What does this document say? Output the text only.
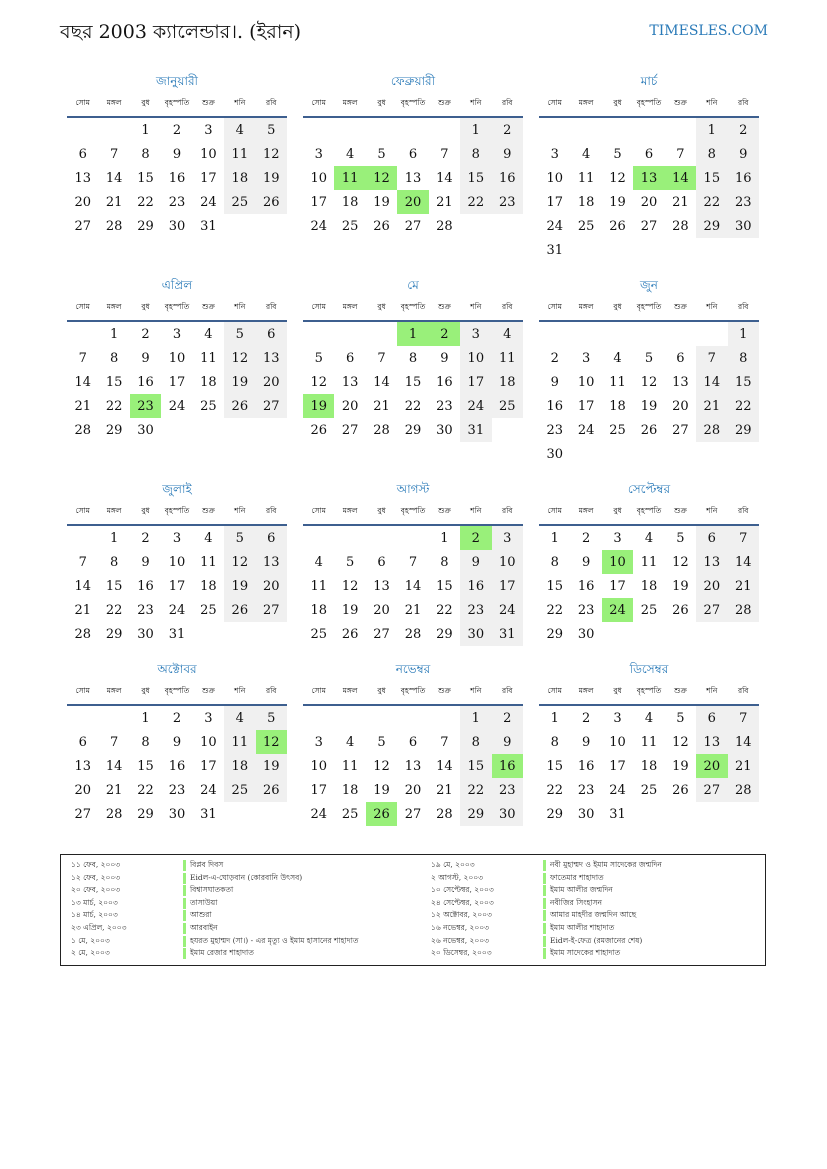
বছর 2003 ক্যালেন্ডার।. (ইরান)	TIMESLES.COM
জানুয়ারী
সোম	মঙ্গল	বুধ	বৃহস্পতি	শুক্র	শনি	রবি
		1	2	3	4	5
6	7	8	9	10	11	12
13	14	15	16	17	18	19
20	21	22	23	24	25	26
27	28	29	30	31		
ফেব্রুয়ারী
সোম	মঙ্গল	বুধ	বৃহস্পতি	শুক্র	শনি	রবি
					1	2
3	4	5	6	7	8	9
10	11	12	13	14	15	16
17	18	19	20	21	22	23
24	25	26	27	28		
মার্চ
সোম	মঙ্গল	বুধ	বৃহস্পতি	শুক্র	শনি	রবি
					1	2
3	4	5	6	7	8	9
10	11	12	13	14	15	16
17	18	19	20	21	22	23
24	25	26	27	28	29	30
31						
এপ্রিল
সোম	মঙ্গল	বুধ	বৃহস্পতি	শুক্র	শনি	রবি
	1	2	3	4	5	6
7	8	9	10	11	12	13
14	15	16	17	18	19	20
21	22	23	24	25	26	27
28	29	30				
মে
সোম	মঙ্গল	বুধ	বৃহস্পতি	শুক্র	শনি	রবি
			1	2	3	4
5	6	7	8	9	10	11
12	13	14	15	16	17	18
19	20	21	22	23	24	25
26	27	28	29	30	31	
জুন
সোম	মঙ্গল	বুধ	বৃহস্পতি	শুক্র	শনি	রবি
						1
2	3	4	5	6	7	8
9	10	11	12	13	14	15
16	17	18	19	20	21	22
23	24	25	26	27	28	29
30						
জুলাই
সোম	মঙ্গল	বুধ	বৃহস্পতি	শুক্র	শনি	রবি
	1	2	3	4	5	6
7	8	9	10	11	12	13
14	15	16	17	18	19	20
21	22	23	24	25	26	27
28	29	30	31			
আগস্ট
সোম	মঙ্গল	বুধ	বৃহস্পতি	শুক্র	শনি	রবি
				1	2	3
4	5	6	7	8	9	10
11	12	13	14	15	16	17
18	19	20	21	22	23	24
25	26	27	28	29	30	31
সেপ্টেম্বর
সোম	মঙ্গল	বুধ	বৃহস্পতি	শুক্র	শনি	রবি
1	2	3	4	5	6	7
8	9	10	11	12	13	14
15	16	17	18	19	20	21
22	23	24	25	26	27	28
29	30					
অক্টোবর
সোম	মঙ্গল	বুধ	বৃহস্পতি	শুক্র	শনি	রবি
		1	2	3	4	5
6	7	8	9	10	11	12
13	14	15	16	17	18	19
20	21	22	23	24	25	26
27	28	29	30	31		
নভেম্বর
সোম	মঙ্গল	বুধ	বৃহস্পতি	শুক্র	শনি	রবি
					1	2
3	4	5	6	7	8	9
10	11	12	13	14	15	16
17	18	19	20	21	22	23
24	25	26	27	28	29	30
ডিসেম্বর
সোম	মঙ্গল	বুধ	বৃহস্পতি	শুক্র	শনি	রবি
1	2	3	4	5	6	7
8	9	10	11	12	13	14
15	16	17	18	19	20	21
22	23	24	25	26	27	28
29	30	31				
১১ ফেব, ২০০৩	বিপ্লব দিবস
১২ ফেব, ২০০৩	Eidল-এ-ঘোড়বান (কোরবানি উৎসব)
২০ ফেব, ২০০৩	বিশ্বাসঘাতকতা
১৩ মার্চ, ২০০৩	তাসাউয়া
১৪ মার্চ, ২০০৩	আশুরা
২৩ এপ্রিল, ২০০৩	আরবাইন
১ মে, ২০০৩	হযরত মুহাম্মদ (সা।) - এর মৃত্যু ও ইমাম হাসানের শাহাদাত
২ মে, ২০০৩	ইমাম রেজার শাহাদাত
১৯ মে, ২০০৩	নবী মুহাম্মদ ও ইমাম সাদেকের জন্মদিন
২ আগস্ট, ২০০৩	ফাতেমার শাহাদাত
১০ সেপ্টেম্বর, ২০০৩	ইমাম আলীর জন্মদিন
২৪ সেপ্টেম্বর, ২০০৩	নবীজির সিংহাসন
১২ অক্টোবর, ২০০৩	আমার মাহদীর জন্মদিন আছে
১৬ নভেম্বর, ২০০৩	ইমাম আলীর শাহাদাত
২৬ নভেম্বর, ২০০৩	Eidল-ই-ফেত্র (রমজানের শেষ)
২০ ডিসেম্বর, ২০০৩	ইমাম সাদেকের শাহাদাত
